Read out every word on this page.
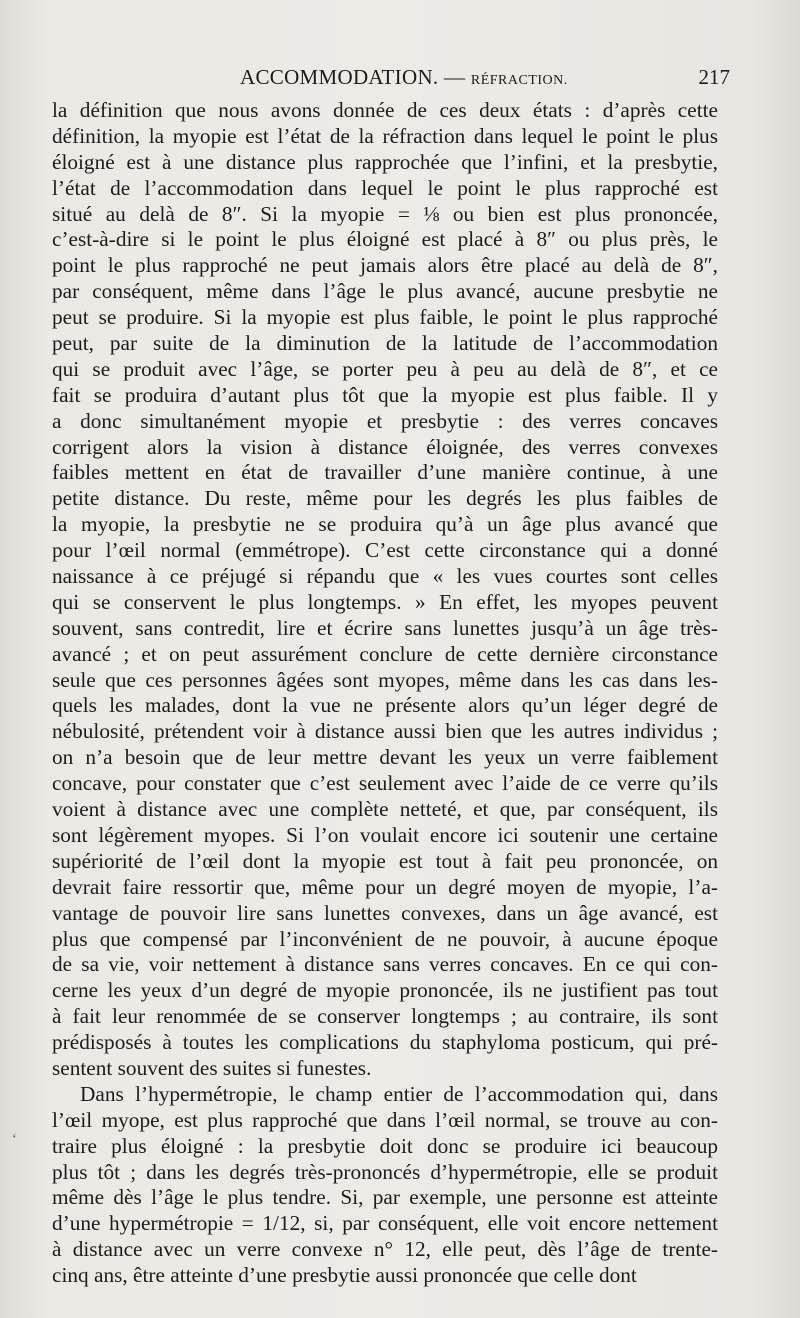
ACCOMMODATION. — RÉFRACTION.	217
la définition que nous avons donnée de ces deux états : d’après cette
définition, la myopie est l’état de la réfraction dans lequel le point le plus
éloigné est à une distance plus rapprochée que l’infini, et la presbytie,
l’état de l’accommodation dans lequel le point le plus rapproché est
situé au delà de 8″. Si la myopie = ⅛ ou bien est plus prononcée,
c’est-à-dire si le point le plus éloigné est placé à 8″ ou plus près, le
point le plus rapproché ne peut jamais alors être placé au delà de 8″,
par conséquent, même dans l’âge le plus avancé, aucune presbytie ne
peut se produire. Si la myopie est plus faible, le point le plus rapproché
peut, par suite de la diminution de la latitude de l’accommodation
qui se produit avec l’âge, se porter peu à peu au delà de 8″, et ce
fait se produira d’autant plus tôt que la myopie est plus faible. Il y
a donc simultanément myopie et presbytie : des verres concaves
corrigent alors la vision à distance éloignée, des verres convexes
faibles mettent en état de travailler d’une manière continue, à une
petite distance. Du reste, même pour les degrés les plus faibles de
la myopie, la presbytie ne se produira qu’à un âge plus avancé que
pour l’œil normal (emmétrope). C’est cette circonstance qui a donné
naissance à ce préjugé si répandu que « les vues courtes sont celles
qui se conservent le plus longtemps. » En effet, les myopes peuvent
souvent, sans contredit, lire et écrire sans lunettes jusqu’à un âge très-
avancé ; et on peut assurément conclure de cette dernière circonstance
seule que ces personnes âgées sont myopes, même dans les cas dans les-
quels les malades, dont la vue ne présente alors qu’un léger degré de
nébulosité, prétendent voir à distance aussi bien que les autres individus ;
on n’a besoin que de leur mettre devant les yeux un verre faiblement
concave, pour constater que c’est seulement avec l’aide de ce verre qu’ils
voient à distance avec une complète netteté, et que, par conséquent, ils
sont légèrement myopes. Si l’on voulait encore ici soutenir une certaine
supériorité de l’œil dont la myopie est tout à fait peu prononcée, on
devrait faire ressortir que, même pour un degré moyen de myopie, l’a-
vantage de pouvoir lire sans lunettes convexes, dans un âge avancé, est
plus que compensé par l’inconvénient de ne pouvoir, à aucune époque
de sa vie, voir nettement à distance sans verres concaves. En ce qui con-
cerne les yeux d’un degré de myopie prononcée, ils ne justifient pas tout
à fait leur renommée de se conserver longtemps ; au contraire, ils sont
prédisposés à toutes les complications du staphyloma posticum, qui pré-
sentent souvent des suites si funestes.
Dans l’hypermétropie, le champ entier de l’accommodation qui, dans
l’œil myope, est plus rapproché que dans l’œil normal, se trouve au con-
traire plus éloigné : la presbytie doit donc se produire ici beaucoup
plus tôt ; dans les degrés très-prononcés d’hypermétropie, elle se produit
même dès l’âge le plus tendre. Si, par exemple, une personne est atteinte
d’une hypermétropie = 1/12, si, par conséquent, elle voit encore nettement
à distance avec un verre convexe n° 12, elle peut, dès l’âge de trente-
cinq ans, être atteinte d’une presbytie aussi prononcée que celle dont
‘
